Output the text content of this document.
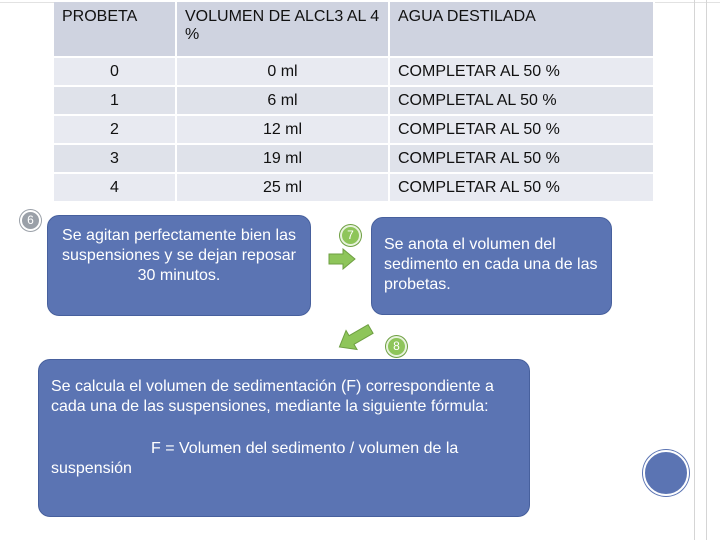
PROBETA	VOLUMEN DE ALCL3 AL 4 %	AGUA DESTILADA
0	0 ml	COMPLETAR AL 50 %
1	6 ml	COMPLETAL AL 50 %
2	12 ml	COMPLETAR AL 50 %
3	19 ml	COMPLETAR AL 50 %
4	25 ml	COMPLETAR AL 50 %
6
Se agitan perfectamente bien las suspensiones y se dejan reposar 30 minutos.
7
Se anota el volumen del sedimento en cada una de las probetas.
8
Se calcula el volumen de sedimentación (F) correspondiente a cada una de las suspensiones, mediante la siguiente fórmula:
F = Volumen del sedimento / volumen de la
suspensión
